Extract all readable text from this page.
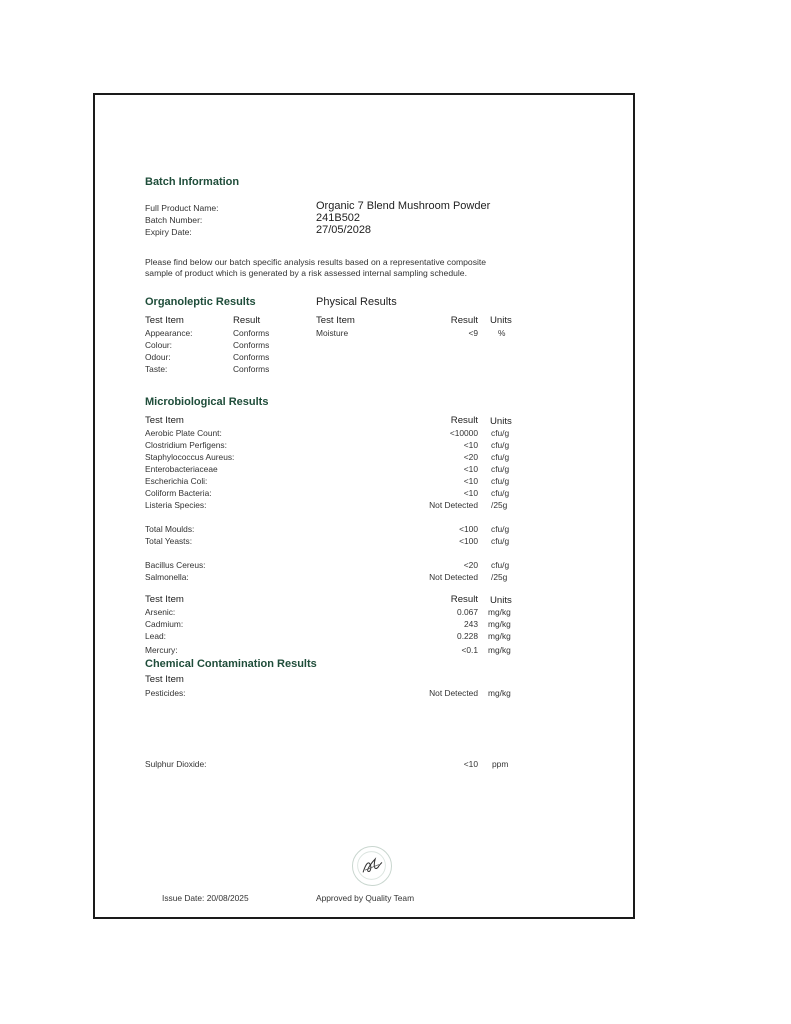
Batch Information
Full Product Name:	Organic 7 Blend Mushroom Powder
Batch Number:	241B502
Expiry Date:	27/05/2028
Please find below our batch specific analysis results based on a representative composite
sample of product which is generated by a risk assessed internal sampling schedule.
Organoleptic Results
Test Item	Result
Appearance:	Conforms
Colour:	Conforms
Odour:	Conforms
Taste:	Conforms
Physical Results
Test Item	Result Units
Moisture	<9 %
Microbiological Results
Test Item	Result Units
Aerobic Plate Count:	<10000 cfu/g
Clostridium Perfigens:	<10 cfu/g
Staphylococcus Aureus:	<20 cfu/g
Enterobacteriaceae	<10 cfu/g
Escherichia Coli:	<10 cfu/g
Coliform Bacteria:	<10 cfu/g
Listeria Species:	Not Detected /25g
Total Moulds:	<100 cfu/g
Total Yeasts:	<100 cfu/g
Bacillus Cereus:	<20 cfu/g
Salmonella:	Not Detected /25g
Test Item	Result Units
Arsenic:	0.067 mg/kg
Cadmium:	243 mg/kg
Lead:	0.228 mg/kg
Mercury:	<0.1 mg/kg
Chemical Contamination Results
Test Item
Pesticides:	Not Detected mg/kg
Sulphur Dioxide:	<10 ppm
Issue Date: 20/08/2025	Approved by Quality Team
